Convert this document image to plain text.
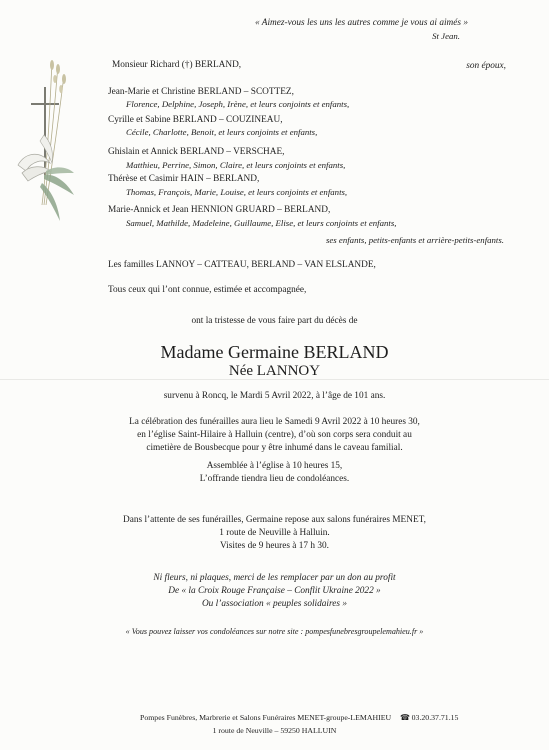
« Aimez-vous les uns les autres comme je vous ai aimés »
St Jean.
Monsieur Richard (†) BERLAND,	son époux,
Jean-Marie et Christine BERLAND – SCOTTEZ,
Florence, Delphine, Joseph, Irène, et leurs conjoints et enfants,
Cyrille et Sabine BERLAND – COUZINEAU,
Cécile, Charlotte, Benoit, et leurs conjoints et enfants,
Ghislain et Annick BERLAND – VERSCHAE,
Matthieu, Perrine, Simon, Claire, et leurs conjoints et enfants,
Thérèse et Casimir HAIN – BERLAND,
Thomas, François, Marie, Louise, et leurs conjoints et enfants,
Marie-Annick et Jean HENNION GRUARD – BERLAND,
Samuel, Mathilde, Madeleine, Guillaume, Elise, et leurs conjoints et enfants,
ses enfants, petits-enfants et arrière-petits-enfants.
Les familles LANNOY – CATTEAU, BERLAND – VAN ELSLANDE,
Tous ceux qui l’ont connue, estimée et accompagnée,
ont la tristesse de vous faire part du décès de
Madame Germaine BERLAND
Née LANNOY
survenu à Roncq, le Mardi 5 Avril 2022, à l’âge de 101 ans.
La célébration des funérailles aura lieu le Samedi 9 Avril 2022 à 10 heures 30,
en l’église Saint-Hilaire à Halluin (centre), d’où son corps sera conduit au
cimetière de Bousbecque pour y être inhumé dans le caveau familial.
Assemblée à l’église à 10 heures 15,
L’offrande tiendra lieu de condoléances.
Dans l’attente de ses funérailles, Germaine repose aux salons funéraires MENET,
1 route de Neuville à Halluin.
Visites de 9 heures à 17 h 30.
Ni fleurs, ni plaques, merci de les remplacer par un don au profit
De « la Croix Rouge Française – Conflit Ukraine 2022 »
Ou l’association « peuples solidaires »
« Vous pouvez laisser vos condoléances sur notre site : pompesfunebresgroupelemahieu.fr »
Pompes Funèbres, Marbrerie et Salons Funéraires MENET-groupe-LEMAHIEU ☎ 03.20.37.71.15
1 route de Neuville – 59250 HALLUIN
